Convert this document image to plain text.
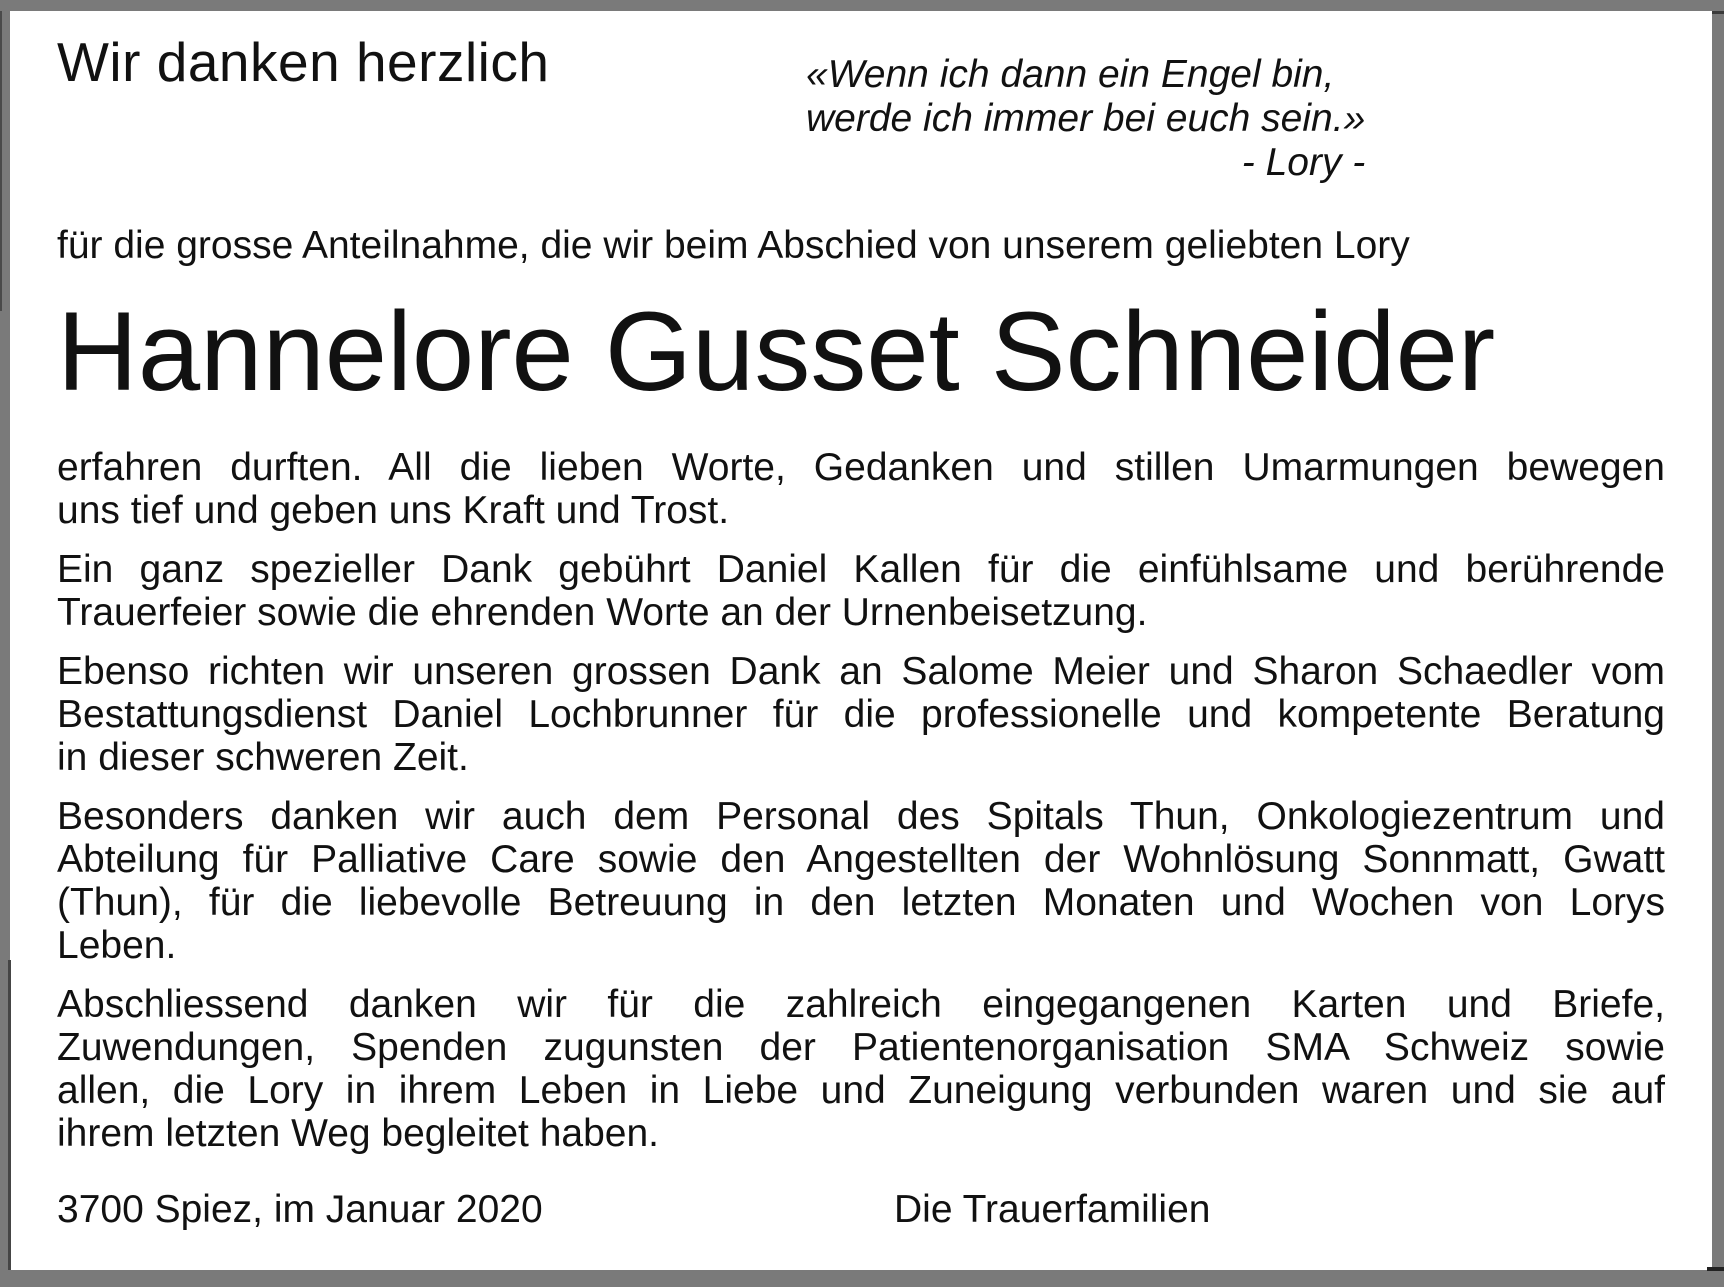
Wir danken herzlich	«Wenn ich dann ein Engel bin,
werde ich immer bei euch sein.»
- Lory -
für die grosse Anteilnahme, die wir beim Abschied von unserem geliebten Lory
Hannelore Gusset Schneider
erfahren durften. All die lieben Worte, Gedanken und stillen Umarmungen bewegen
uns tief und geben uns Kraft und Trost.
Ein ganz spezieller Dank gebührt Daniel Kallen für die einfühlsame und berührende
Trauerfeier sowie die ehrenden Worte an der Urnenbeisetzung.
Ebenso richten wir unseren grossen Dank an Salome Meier und Sharon Schaedler vom
Bestattungsdienst Daniel Lochbrunner für die professionelle und kompetente Beratung
in dieser schweren Zeit.
Besonders danken wir auch dem Personal des Spitals Thun, Onkologiezentrum und
Abteilung für Palliative Care sowie den Angestellten der Wohnlösung Sonnmatt, Gwatt
(Thun), für die liebevolle Betreuung in den letzten Monaten und Wochen von Lorys
Leben.
Abschliessend danken wir für die zahlreich eingegangenen Karten und Briefe,
Zuwendungen, Spenden zugunsten der Patientenorganisation SMA Schweiz sowie
allen, die Lory in ihrem Leben in Liebe und Zuneigung verbunden waren und sie auf
ihrem letzten Weg begleitet haben.
3700 Spiez, im Januar 2020	Die Trauerfamilien
